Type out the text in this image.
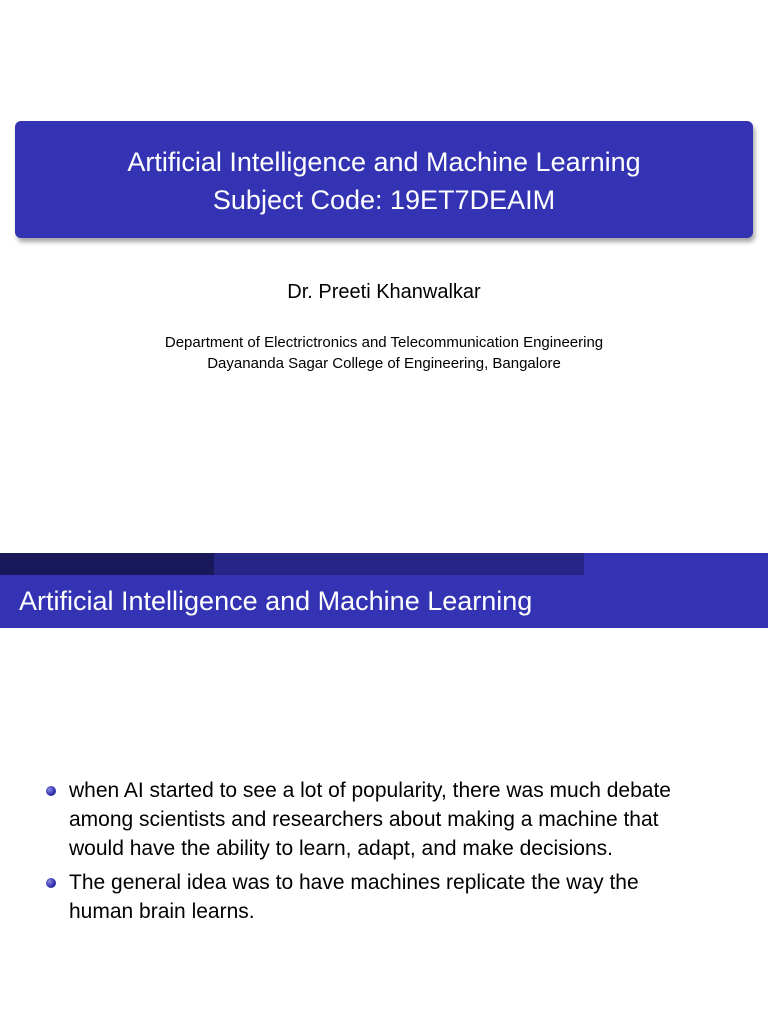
Artificial Intelligence and Machine Learning
Subject Code: 19ET7DEAIM
Dr. Preeti Khanwalkar
Department of Electrictronics and Telecommunication Engineering
Dayananda Sagar College of Engineering, Bangalore
Artificial Intelligence and Machine Learning
when AI started to see a lot of popularity, there was much debate
among scientists and researchers about making a machine that
would have the ability to learn, adapt, and make decisions.
The general idea was to have machines replicate the way the
human brain learns.
